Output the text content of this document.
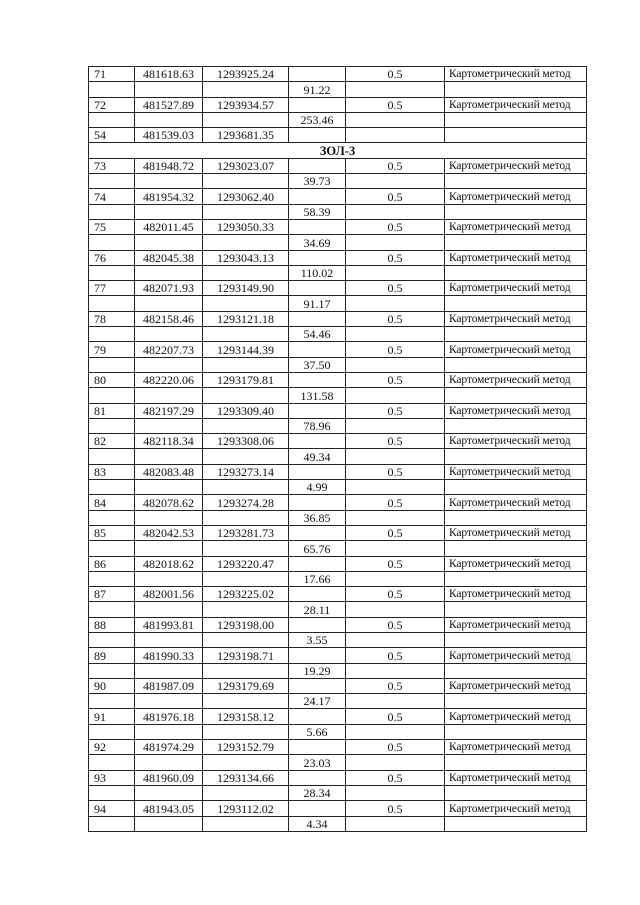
71	481618.63	1293925.24		0.5	Картометрический метод
			91.22		
72	481527.89	1293934.57		0.5	Картометрический метод
			253.46		
54	481539.03	1293681.35			
ЗОЛ-3					
73	481948.72	1293023.07		0.5	Картометрический метод
			39.73		
74	481954.32	1293062.40		0.5	Картометрический метод
			58.39		
75	482011.45	1293050.33		0.5	Картометрический метод
			34.69		
76	482045.38	1293043.13		0.5	Картометрический метод
			110.02		
77	482071.93	1293149.90		0.5	Картометрический метод
			91.17		
78	482158.46	1293121.18		0.5	Картометрический метод
			54.46		
79	482207.73	1293144.39		0.5	Картометрический метод
			37.50		
80	482220.06	1293179.81		0.5	Картометрический метод
			131.58		
81	482197.29	1293309.40		0.5	Картометрический метод
			78.96		
82	482118.34	1293308.06		0.5	Картометрический метод
			49.34		
83	482083.48	1293273.14		0.5	Картометрический метод
			4.99		
84	482078.62	1293274.28		0.5	Картометрический метод
			36.85		
85	482042.53	1293281.73		0.5	Картометрический метод
			65.76		
86	482018.62	1293220.47		0.5	Картометрический метод
			17.66		
87	482001.56	1293225.02		0.5	Картометрический метод
			28.11		
88	481993.81	1293198.00		0.5	Картометрический метод
			3.55		
89	481990.33	1293198.71		0.5	Картометрический метод
			19.29		
90	481987.09	1293179.69		0.5	Картометрический метод
			24.17		
91	481976.18	1293158.12		0.5	Картометрический метод
			5.66		
92	481974.29	1293152.79		0.5	Картометрический метод
			23.03		
93	481960.09	1293134.66		0.5	Картометрический метод
			28.34		
94	481943.05	1293112.02		0.5	Картометрический метод
			4.34		
